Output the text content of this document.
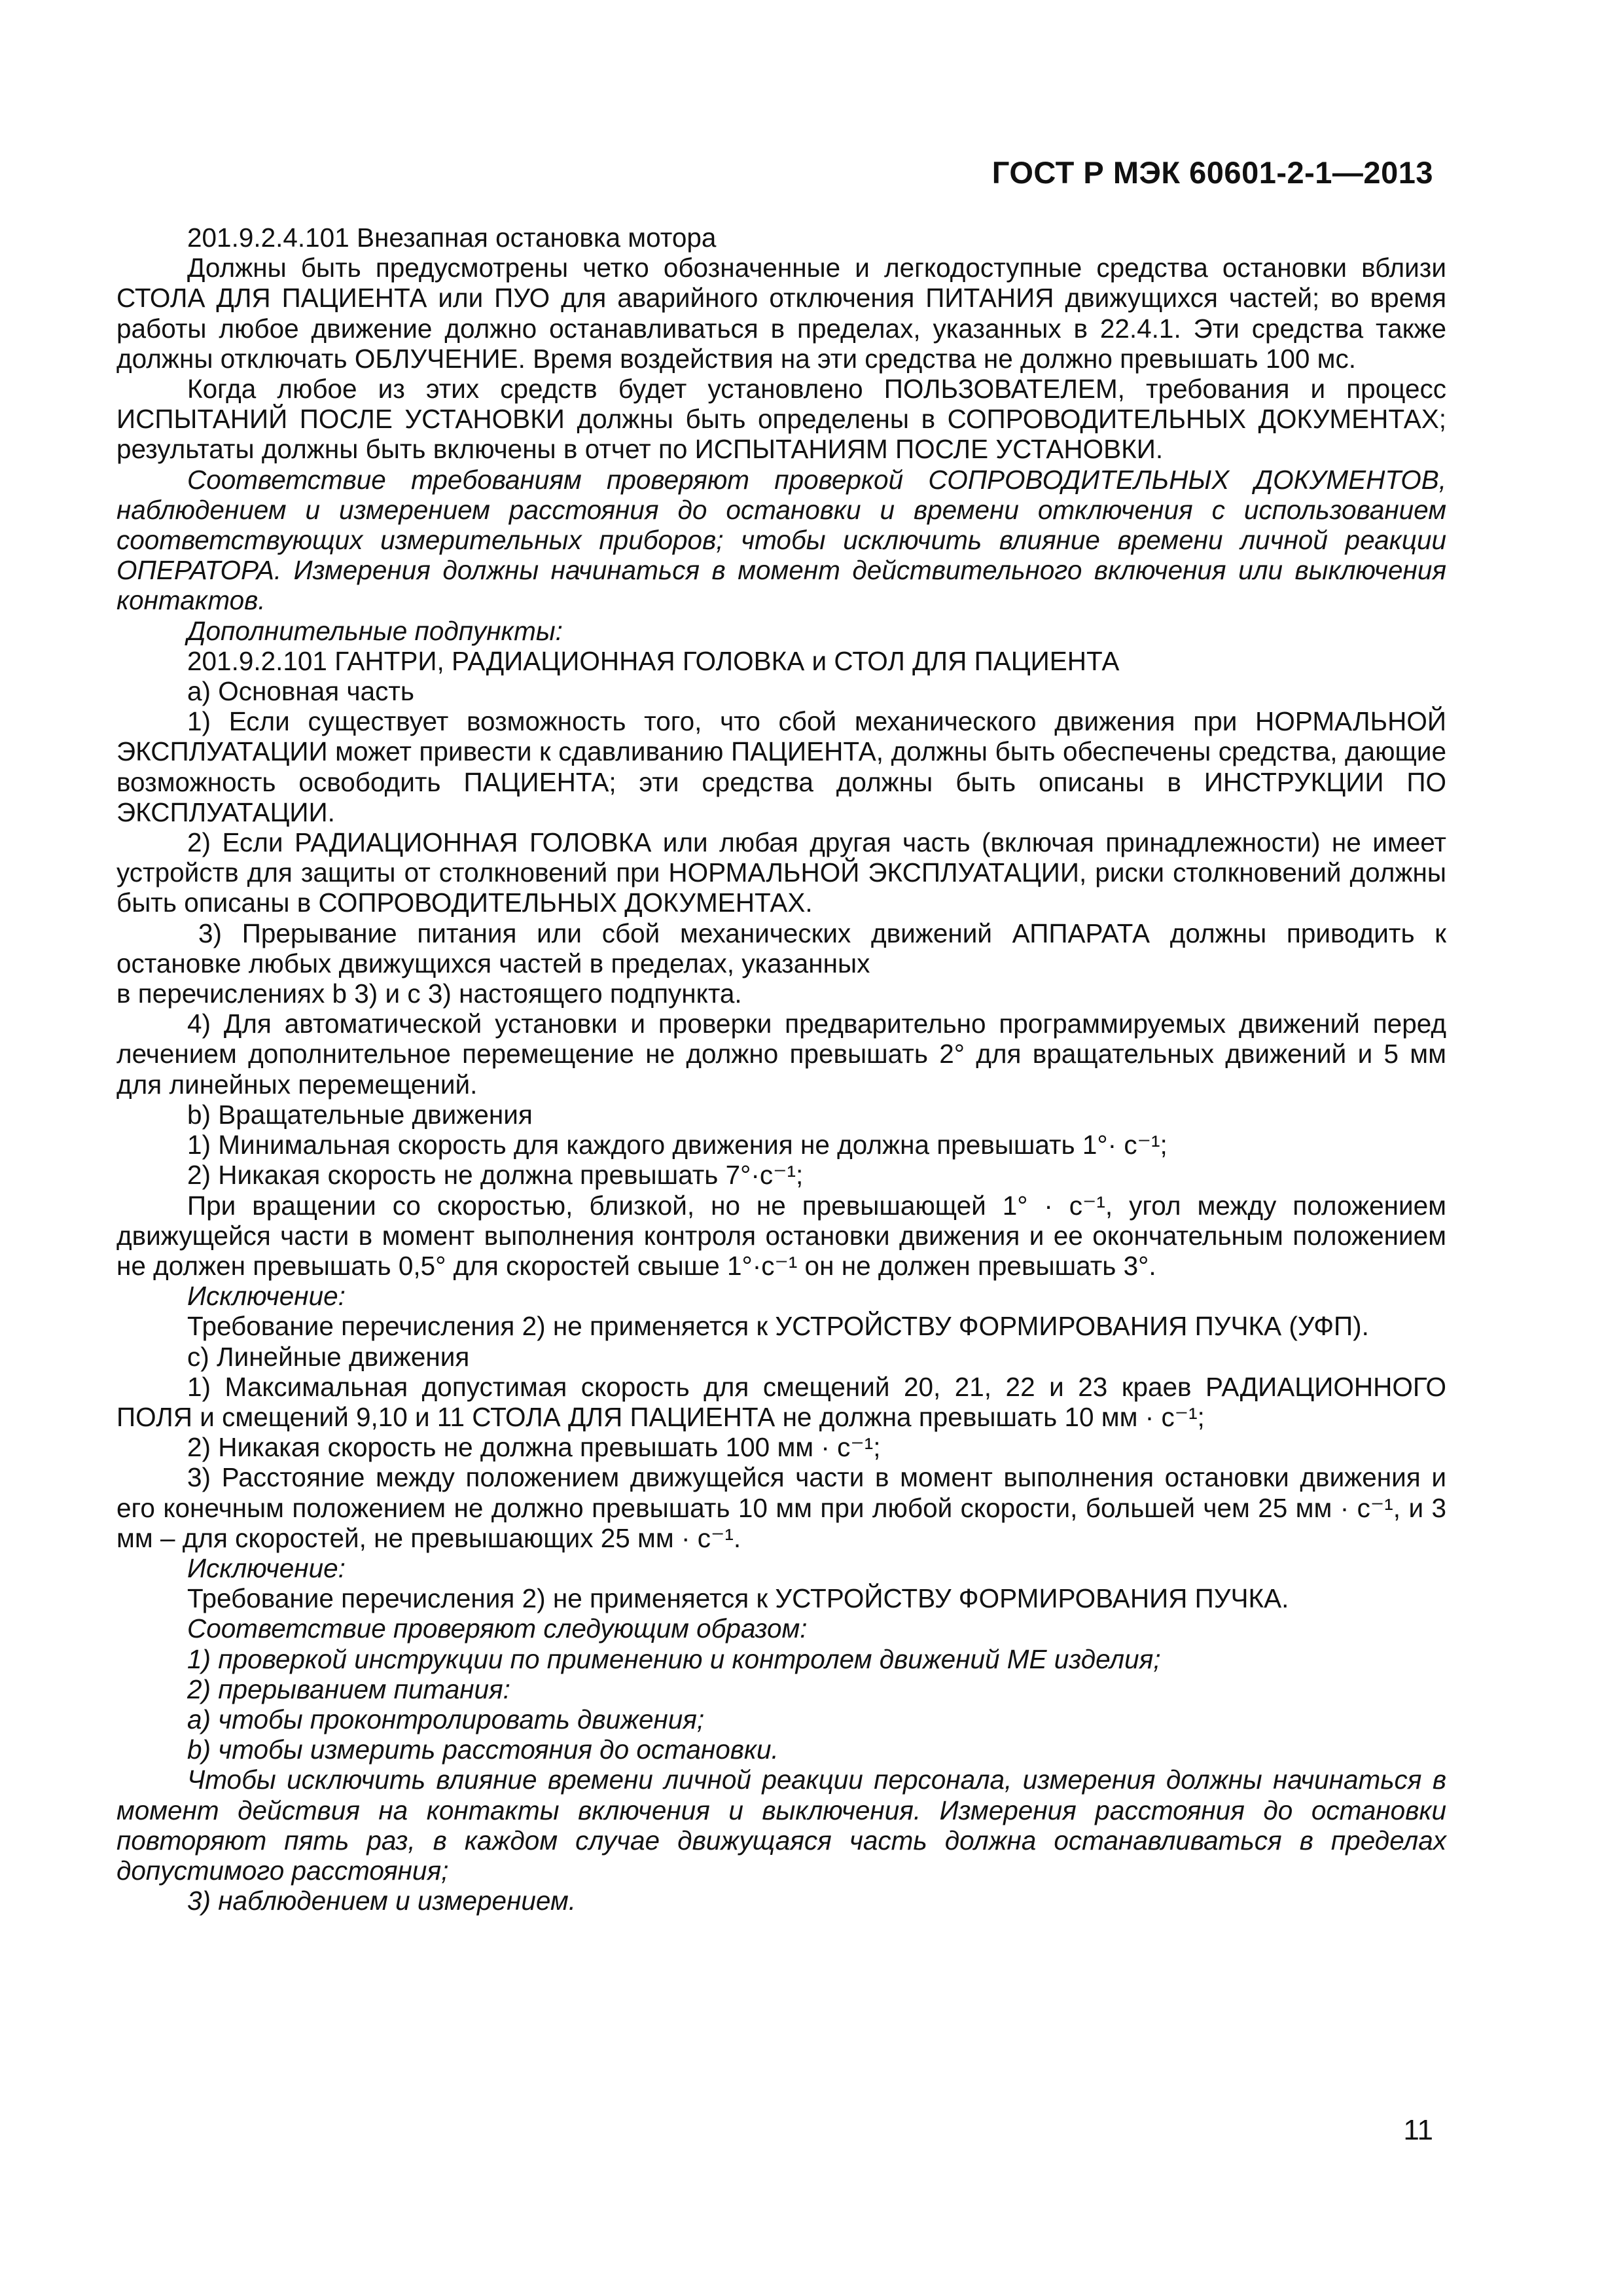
ГОСТ Р МЭК 60601-2-1—2013

201.9.2.4.101 Внезапная остановка мотора

Должны быть предусмотрены четко обозначенные и легкодоступные средства остановки вблизи СТОЛА ДЛЯ ПАЦИЕНТА или ПУО для аварийного отключения ПИТАНИЯ движущихся частей; во время работы любое движение должно останавливаться в пределах, указанных в 22.4.1. Эти средства также должны отключать ОБЛУЧЕНИЕ. Время воздействия на эти средства не должно превышать 100 мс.

Когда любое из этих средств будет установлено ПОЛЬЗОВАТЕЛЕМ, требования и процесс ИСПЫТАНИЙ ПОСЛЕ УСТАНОВКИ должны быть определены в СОПРОВОДИТЕЛЬНЫХ ДОКУМЕНТАХ; результаты должны быть включены в отчет по ИСПЫТАНИЯМ ПОСЛЕ УСТАНОВКИ.

Соответствие требованиям проверяют проверкой СОПРОВОДИТЕЛЬНЫХ ДОКУМЕНТОВ, наблюдением и измерением расстояния до остановки и времени отключения с использованием соответствующих измерительных приборов; чтобы исключить влияние времени личной реакции ОПЕРАТОРА. Измерения должны начинаться в момент действительного включения или выключения контактов.

Дополнительные подпункты:

201.9.2.101 ГАНТРИ, РАДИАЦИОННАЯ ГОЛОВКА и СТОЛ ДЛЯ ПАЦИЕНТА

a) Основная часть

1) Если существует возможность того, что сбой механического движения при НОРМАЛЬНОЙ ЭКСПЛУАТАЦИИ может привести к сдавливанию ПАЦИЕНТА, должны быть обеспечены средства, дающие возможность освободить ПАЦИЕНТА; эти средства должны быть описаны в ИНСТРУКЦИИ ПО ЭКСПЛУАТАЦИИ.

2) Если РАДИАЦИОННАЯ ГОЛОВКА или любая другая часть (включая принадлежности) не имеет устройств для защиты от столкновений при НОРМАЛЬНОЙ ЭКСПЛУАТАЦИИ, риски столкновений должны быть описаны в СОПРОВОДИТЕЛЬНЫХ ДОКУМЕНТАХ.

3) Прерывание питания или сбой механических движений АППАРАТА должны приводить к остановке любых движущихся частей в пределах, указанных

в перечислениях b 3) и с 3) настоящего подпункта.

4) Для автоматической установки и проверки предварительно программируемых движений перед лечением дополнительное перемещение не должно превышать 2° для вращательных движений и 5 мм для линейных перемещений.

b) Вращательные движения

1) Минимальная скорость для каждого движения не должна превышать 1°· с⁻¹;

2) Никакая скорость не должна превышать 7°·с⁻¹;

При вращении со скоростью, близкой, но не превышающей 1° · с⁻¹, угол между положением движущейся части в момент выполнения контроля остановки движения и ее окончательным положением не должен превышать 0,5° для скоростей свыше 1°·с⁻¹ он не должен превышать 3°.

Исключение:

Требование перечисления 2) не применяется к УСТРОЙСТВУ ФОРМИРОВАНИЯ ПУЧКА (УФП).

с) Линейные движения

1) Максимальная допустимая скорость для смещений 20, 21, 22 и 23 краев РАДИАЦИОННОГО ПОЛЯ и смещений 9,10 и 11 СТОЛА ДЛЯ ПАЦИЕНТА не должна превышать 10 мм · с⁻¹;

2) Никакая скорость не должна превышать 100 мм · с⁻¹;

3) Расстояние между положением движущейся части в момент выполнения остановки движения и его конечным положением не должно превышать 10 мм при любой скорости, большей чем 25 мм · с⁻¹, и 3 мм – для скоростей, не превышающих 25 мм · с⁻¹.

Исключение:

Требование перечисления 2) не применяется к УСТРОЙСТВУ ФОРМИРОВАНИЯ ПУЧКА.

Соответствие проверяют следующим образом:

1) проверкой инструкции по применению и контролем движений МЕ изделия;

2) прерыванием питания:

а) чтобы проконтролировать движения;

b) чтобы измерить расстояния до остановки.

Чтобы исключить влияние времени личной реакции персонала, измерения должны начинаться в момент действия на контакты включения и выключения. Измерения расстояния до остановки повторяют пять раз, в каждом случае движущаяся часть должна останавливаться в пределах допустимого расстояния;

3) наблюдением и измерением.

11
